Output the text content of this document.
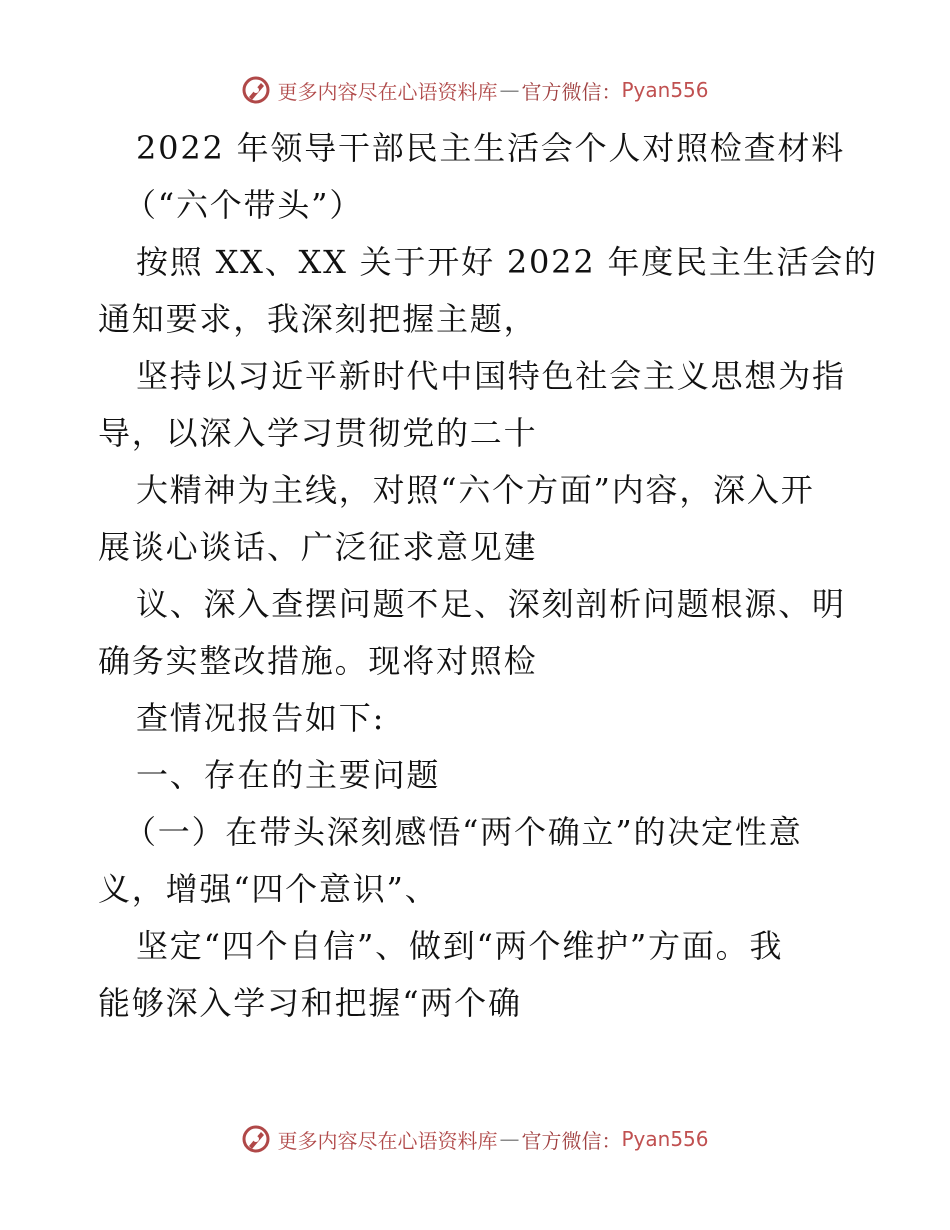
更多内容尽在心语资料库 — 官方微信： Pyan556
2022 年领导干部民主生活会个人对照检查材料
（“六个带头”）
按照 XX、XX 关于开好 2022 年度民主生活会的
通知要求，我深刻把握主题，
坚持以习近平新时代中国特色社会主义思想为指
导，以深入学习贯彻党的二十
大精神为主线，对照“六个方面”内容，深入开
展谈心谈话、广泛征求意见建
议、深入查摆问题不足、深刻剖析问题根源、明
确务实整改措施。现将对照检
查情况报告如下:
一、存在的主要问题
（一）在带头深刻感悟“两个确立”的决定性意
义，增强“四个意识”、
坚定“四个自信”、做到“两个维护”方面。我
能够深入学习和把握“两个确
更多内容尽在心语资料库 — 官方微信： Pyan556
